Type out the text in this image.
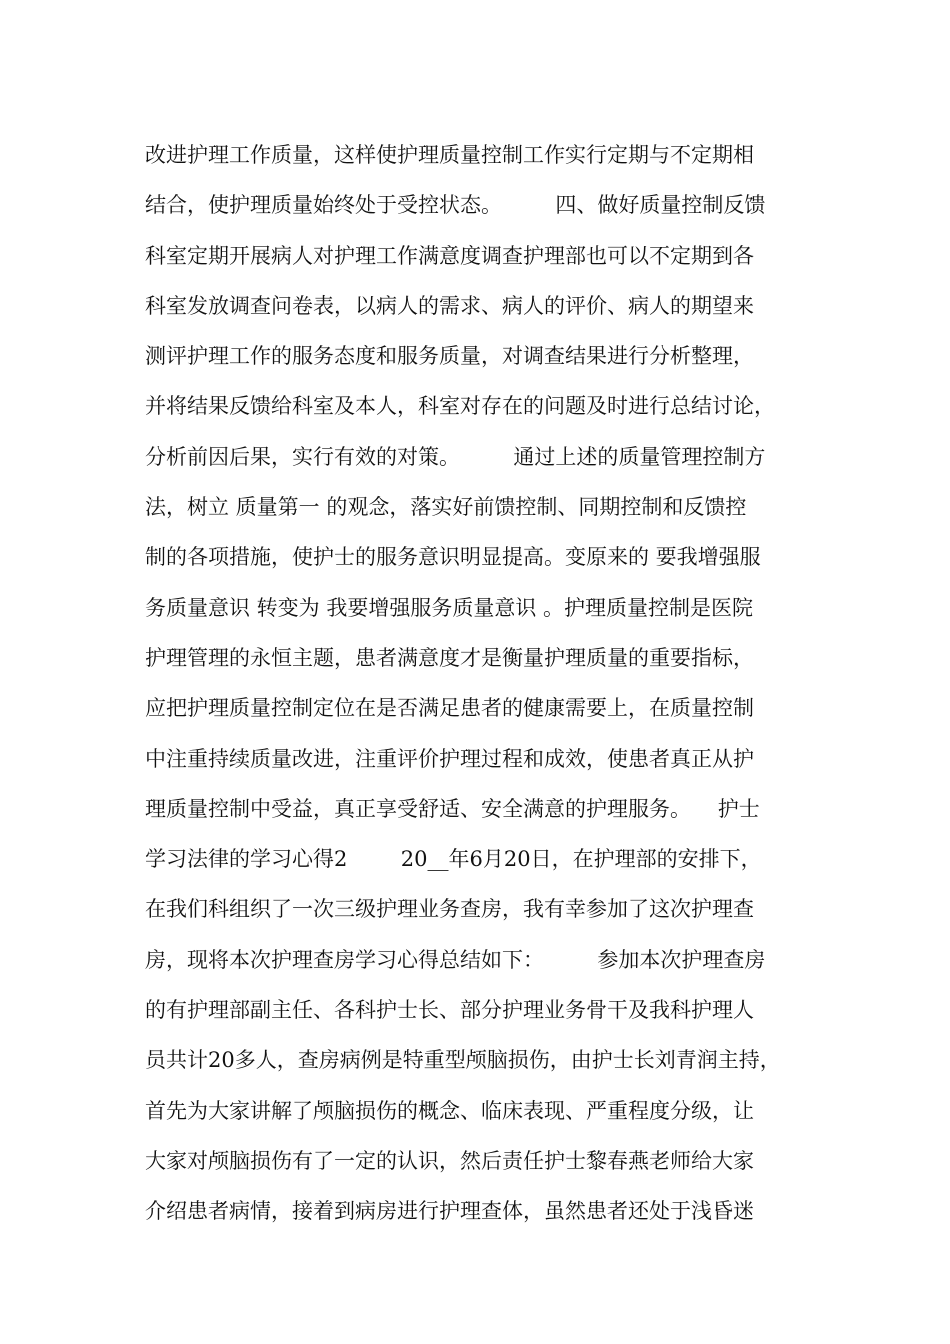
改进护理工作质量，这样使护理质量控制工作实行定期与不定期相
结合，使护理质量始终处于受控状态。        四、做好质量控制反馈
科室定期开展病人对护理工作满意度调查护理部也可以不定期到各
科室发放调查问卷表，以病人的需求、病人的评价、病人的期望来
测评护理工作的服务态度和服务质量，对调查结果进行分析整理，
并将结果反馈给科室及本人，科室对存在的问题及时进行总结讨论，
分析前因后果，实行有效的对策。        通过上述的质量管理控制方
法，树立 质量第一 的观念，落实好前馈控制、同期控制和反馈控
制的各项措施，使护士的服务意识明显提高。变原来的 要我增强服
务质量意识 转变为 我要增强服务质量意识 。护理质量控制是医院
护理管理的永恒主题，患者满意度才是衡量护理质量的重要指标，
应把护理质量控制定位在是否满足患者的健康需要上，在质量控制
中注重持续质量改进，注重评价护理过程和成效，使患者真正从护
理质量控制中受益，真正享受舒适、安全满意的护理服务。    护士
学习法律的学习心得2        20__年6月20日，在护理部的安排下，
在我们科组织了一次三级护理业务查房，我有幸参加了这次护理查
房，现将本次护理查房学习心得总结如下：        参加本次护理查房
的有护理部副主任、各科护士长、部分护理业务骨干及我科护理人
员共计20多人，查房病例是特重型颅脑损伤，由护士长刘青润主持，
首先为大家讲解了颅脑损伤的概念、临床表现、严重程度分级，让
大家对颅脑损伤有了一定的认识，然后责任护士黎春燕老师给大家
介绍患者病情，接着到病房进行护理查体，虽然患者还处于浅昏迷
